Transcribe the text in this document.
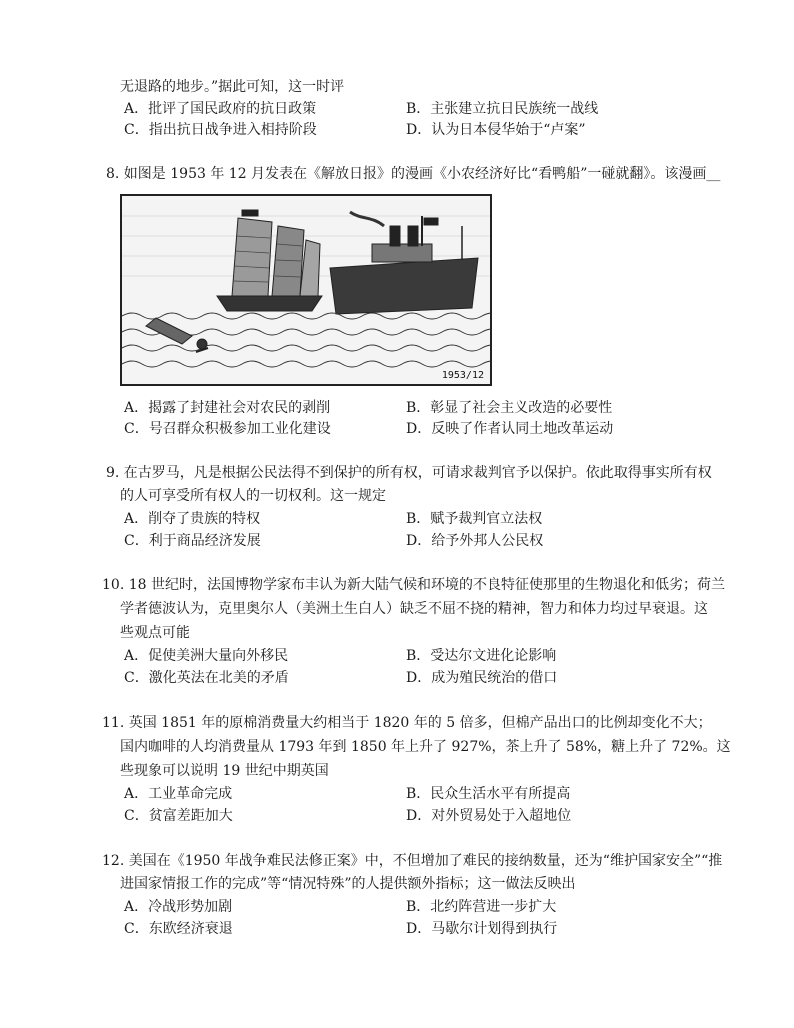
无退路的地步。”据此可知，这一时评
A．批评了国民政府的抗日政策	B．主张建立抗日民族统一战线
C．指出抗日战争进入相持阶段	D．认为日本侵华始于“卢案”
8. 如图是 1953 年 12 月发表在《解放日报》的漫画《小农经济好比“看鸭船”一碰就翻》。该漫画__
1953/12
A．揭露了封建社会对农民的剥削	B．彰显了社会主义改造的必要性
C．号召群众积极参加工业化建设	D．反映了作者认同土地改革运动
9. 在古罗马，凡是根据公民法得不到保护的所有权，可请求裁判官予以保护。依此取得事实所有权
的人可享受所有权人的一切权利。这一规定
A．削夺了贵族的特权	B．赋予裁判官立法权
C．利于商品经济发展	D．给予外邦人公民权
10. 18 世纪时，法国博物学家布丰认为新大陆气候和环境的不良特征使那里的生物退化和低劣；荷兰
学者德波认为，克里奥尔人（美洲土生白人）缺乏不屈不挠的精神，智力和体力均过早衰退。这
些观点可能
A．促使美洲大量向外移民	B．受达尔文进化论影响
C．激化英法在北美的矛盾	D．成为殖民统治的借口
11. 英国 1851 年的原棉消费量大约相当于 1820 年的 5 倍多，但棉产品出口的比例却变化不大；
国内咖啡的人均消费量从 1793 年到 1850 年上升了 927%，茶上升了 58%，糖上升了 72%。这
些现象可以说明 19 世纪中期英国
A．工业革命完成	B．民众生活水平有所提高
C．贫富差距加大	D．对外贸易处于入超地位
12. 美国在《1950 年战争难民法修正案》中，不但增加了难民的接纳数量，还为“维护国家安全”“推
进国家情报工作的完成”等“情况特殊”的人提供额外指标；这一做法反映出
A．冷战形势加剧	B．北约阵营进一步扩大
C．东欧经济衰退	D．马歇尔计划得到执行
